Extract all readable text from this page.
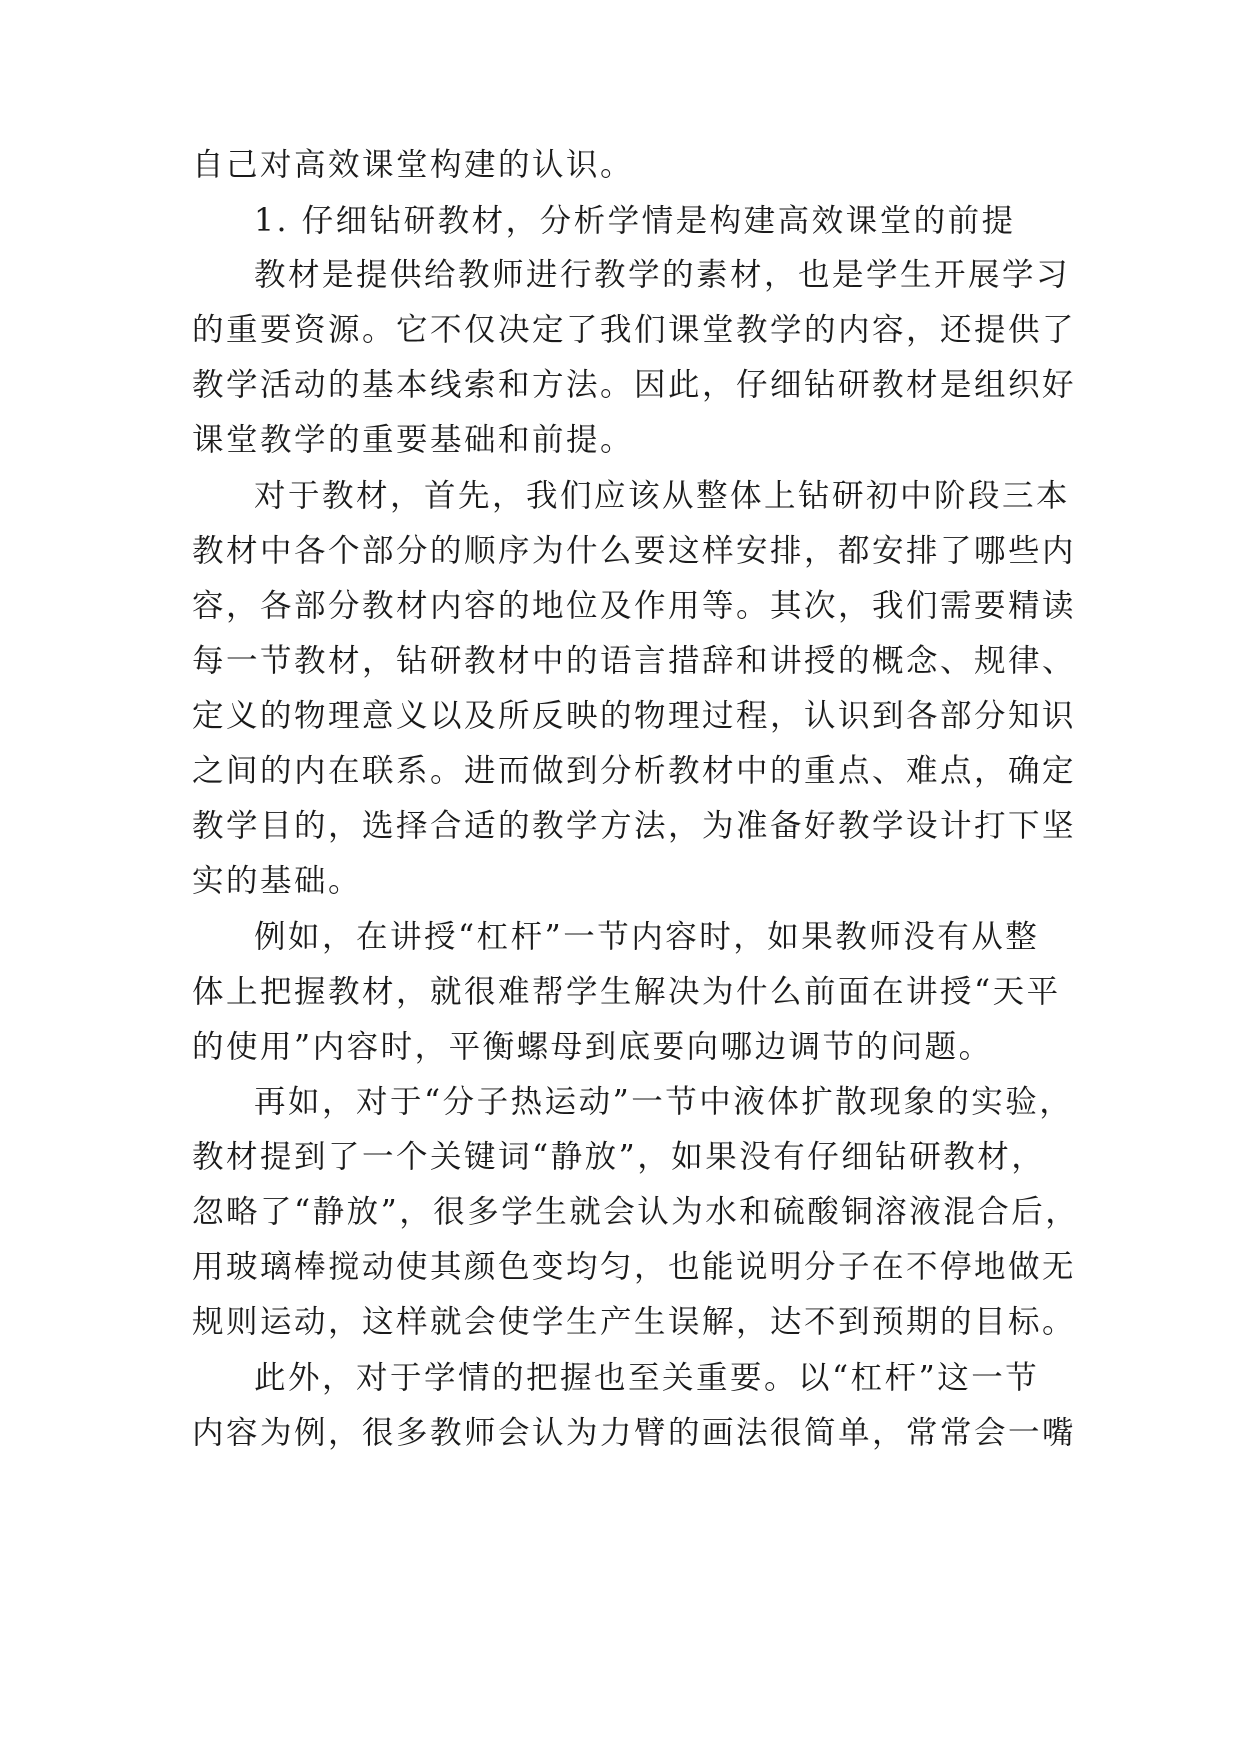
自己对高效课堂构建的认识。
1. 仔细钻研教材，分析学情是构建高效课堂的前提
教材是提供给教师进行教学的素材，也是学生开展学习
的重要资源。它不仅决定了我们课堂教学的内容，还提供了
教学活动的基本线索和方法。因此，仔细钻研教材是组织好
课堂教学的重要基础和前提。
对于教材，首先，我们应该从整体上钻研初中阶段三本
教材中各个部分的顺序为什么要这样安排，都安排了哪些内
容，各部分教材内容的地位及作用等。其次，我们需要精读
每一节教材，钻研教材中的语言措辞和讲授的概念、规律、
定义的物理意义以及所反映的物理过程，认识到各部分知识
之间的内在联系。进而做到分析教材中的重点、难点，确定
教学目的，选择合适的教学方法，为准备好教学设计打下坚
实的基础。
例如，在讲授“杠杆”一节内容时，如果教师没有从整
体上把握教材，就很难帮学生解决为什么前面在讲授“天平
的使用”内容时，平衡螺母到底要向哪边调节的问题。
再如，对于“分子热运动”一节中液体扩散现象的实验，
教材提到了一个关键词“静放”，如果没有仔细钻研教材，
忽略了“静放”，很多学生就会认为水和硫酸铜溶液混合后，
用玻璃棒搅动使其颜色变均匀，也能说明分子在不停地做无
规则运动，这样就会使学生产生误解，达不到预期的目标。
此外，对于学情的把握也至关重要。以“杠杆”这一节
内容为例，很多教师会认为力臂的画法很简单，常常会一嘴
